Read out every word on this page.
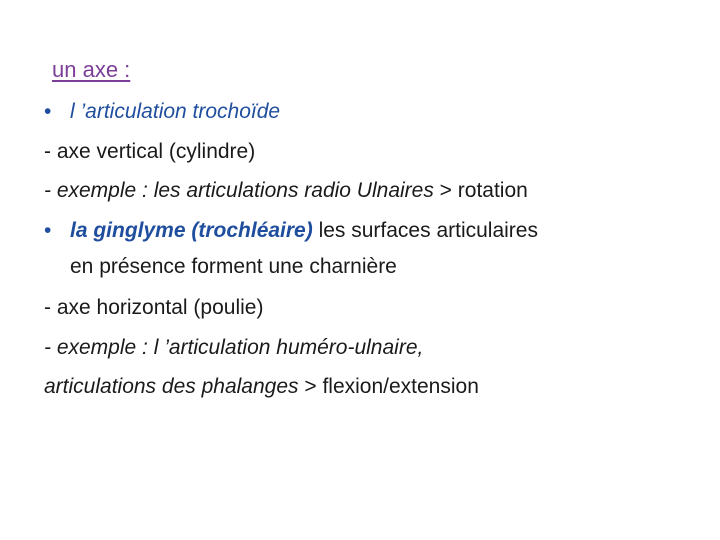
un axe :
• l ’articulation trochoïde
- axe vertical (cylindre)
- exemple : les articulations radio Ulnaires > rotation
• la ginglyme (trochléaire) les surfaces articulaires
en présence forment une charnière
- axe horizontal (poulie)
- exemple : l ’articulation huméro-ulnaire,
articulations des phalanges > flexion/extension
